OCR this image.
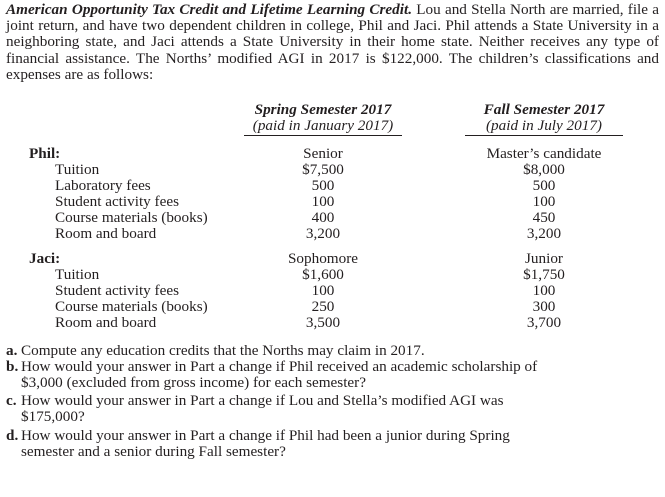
American Opportunity Tax Credit and Lifetime Learning Credit. Lou and Stella North are married, file a joint return, and have two dependent children in college, Phil and Jaci. Phil attends a State University in a neighboring state, and Jaci attends a State University in their home state. Neither receives any type of financial assistance. The Norths’ modified AGI in 2017 is $122,000. The children’s classifications and expenses are as follows:
Spring Semester 2017
(paid in January 2017)
Fall Semester 2017
(paid in July 2017)
Phil:	Senior	Master’s candidate
Tuition	$7,500	$8,000
Laboratory fees	500	500
Student activity fees	100	100
Course materials (books)	400	450
Room and board	3,200	3,200
Jaci:	Sophomore	Junior
Tuition	$1,600	$1,750
Student activity fees	100	100
Course materials (books)	250	300
Room and board	3,500	3,700
a. Compute any education credits that the Norths may claim in 2017.
b. How would your answer in Part a change if Phil received an academic scholarship of
$3,000 (excluded from gross income) for each semester?
c. How would your answer in Part a change if Lou and Stella’s modified AGI was
$175,000?
d. How would your answer in Part a change if Phil had been a junior during Spring
semester and a senior during Fall semester?
